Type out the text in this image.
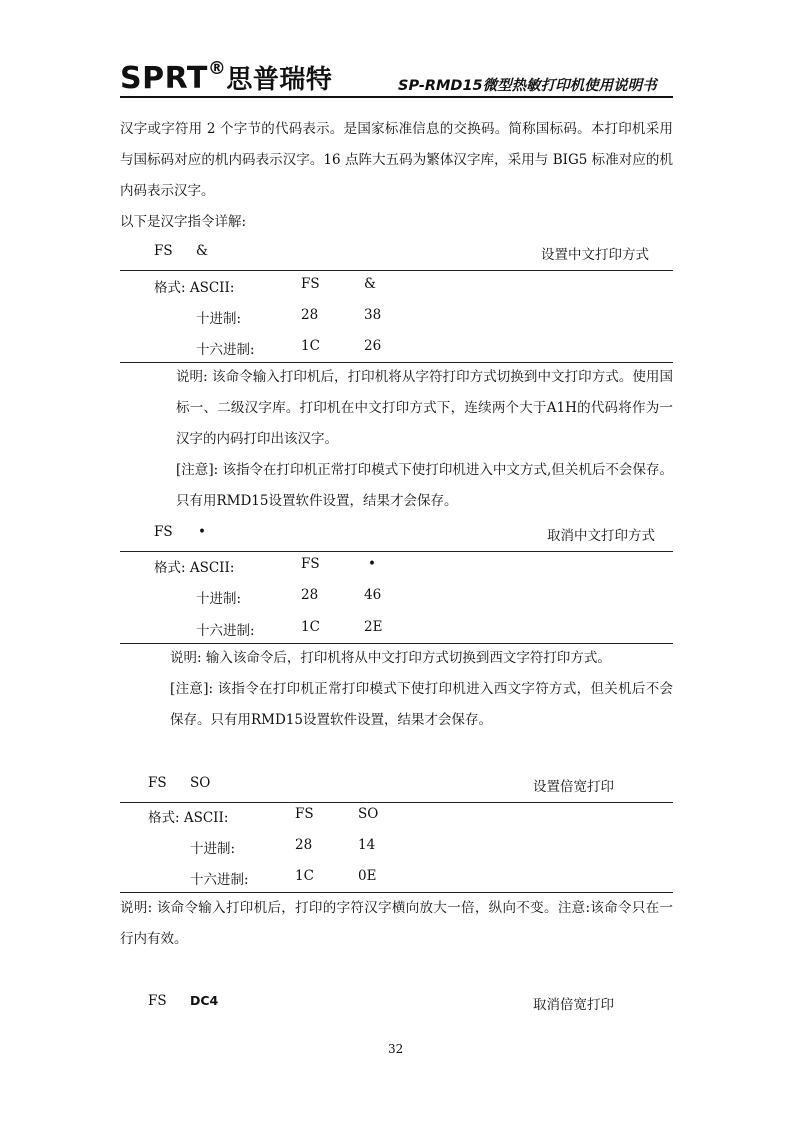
SPRT®思普瑞特	SP-RMD15微型热敏打印机使用说明书
汉字或字符用 2 个字节的代码表示。是国家标准信息的交换码。简称国标码。本打印机采用与国标码对应的机内码表示汉字。16 点阵大五码为繁体汉字库，采用与 BIG5 标准对应的机内码表示汉字。
以下是汉字指令详解:
FS &	设置中文打印方式
格式: ASCII:	FS	&
十进制:	28	38
十六进制:	1C	26
说明: 该命令输入打印机后，打印机将从字符打印方式切换到中文打印方式。使用国标一、二级汉字库。打印机在中文打印方式下，连续两个大于A1H的代码将作为一汉字的内码打印出该汉字。
[注意]: 该指令在打印机正常打印模式下使打印机进入中文方式,但关机后不会保存。只有用RMD15设置软件设置，结果才会保存。
FS •	取消中文打印方式
格式: ASCII:	FS	•
十进制:	28	46
十六进制:	1C	2E
说明: 输入该命令后，打印机将从中文打印方式切换到西文字符打印方式。
[注意]: 该指令在打印机正常打印模式下使打印机进入西文字符方式，但关机后不会保存。只有用RMD15设置软件设置，结果才会保存。
FS SO	设置倍宽打印
格式: ASCII:	FS	SO
十进制:	28	14
十六进制:	1C	0E
说明: 该命令输入打印机后，打印的字符汉字横向放大一倍，纵向不变。注意:该命令只在一行内有效。
FS DC4	取消倍宽打印
32
